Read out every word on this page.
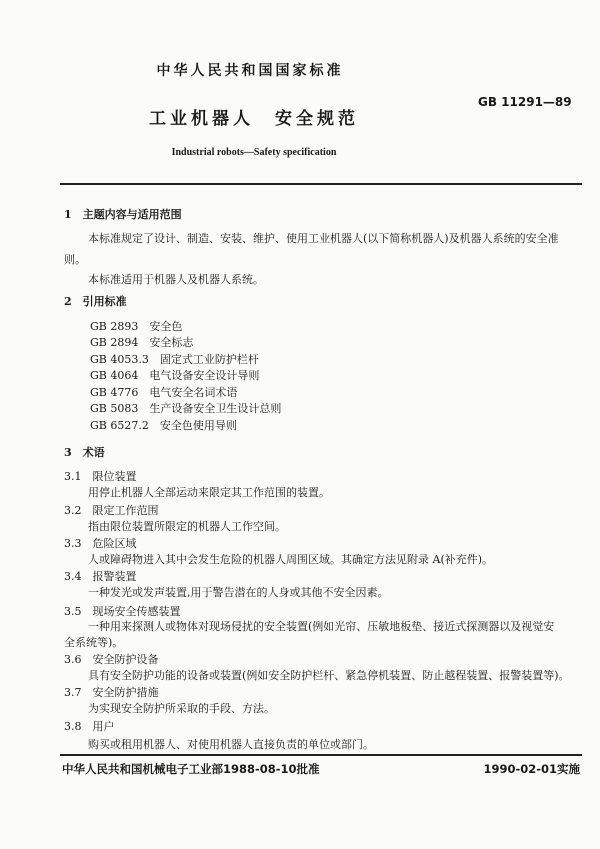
中华人民共和国国家标准
GB 11291—89
工业机器人　安全规范
Industrial robots—Safety specification
1　主题内容与适用范围
本标准规定了设计、制造、安装、维护、使用工业机器人(以下简称机器人)及机器人系统的安全准
则。
本标准适用于机器人及机器人系统。
2　引用标准
GB 2893　安全色
GB 2894　安全标志
GB 4053.3　固定式工业防护栏杆
GB 4064　电气设备安全设计导则
GB 4776　电气安全名词术语
GB 5083　生产设备安全卫生设计总则
GB 6527.2　安全色使用导则
3　术语
3.1　限位装置
用停止机器人全部运动来限定其工作范围的装置。
3.2　限定工作范围
指由限位装置所限定的机器人工作空间。
3.3　危险区域
人或障碍物进入其中会发生危险的机器人周围区域。其确定方法见附录 A(补充件)。
3.4　报警装置
一种发光或发声装置,用于警告潜在的人身或其他不安全因素。
3.5　现场安全传感装置
一种用来探测人或物体对现场侵扰的安全装置(例如光帘、压敏地板垫、接近式探测器以及视觉安
全系统等)。
3.6　安全防护设备
具有安全防护功能的设备或装置(例如安全防护栏杆、紧急停机装置、防止越程装置、报警装置等)。
3.7　安全防护措施
为实现安全防护所采取的手段、方法。
3.8　用户
购买或租用机器人、对使用机器人直接负责的单位或部门。
中华人民共和国机械电子工业部1988-08-10批准	1990-02-01实施
